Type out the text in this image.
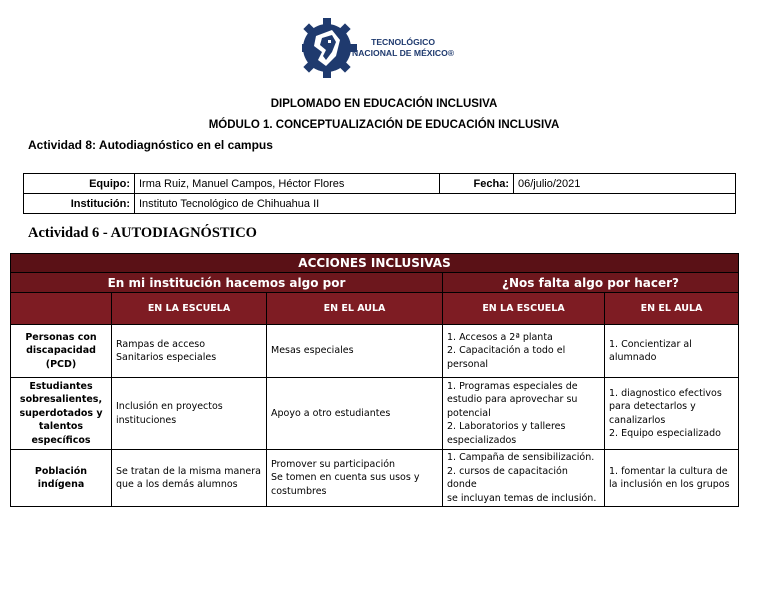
TECNOLÓGICO
NACIONAL DE MÉXICO®
DIPLOMADO EN EDUCACIÓN INCLUSIVA
MÓDULO 1. CONCEPTUALIZACIÓN DE EDUCACIÓN INCLUSIVA
Actividad 8: Autodiagnóstico en el campus
Equipo:	Irma Ruiz, Manuel Campos, Héctor Flores	Fecha:	06/julio/2021
Institución:	Instituto Tecnológico de Chihuahua II		
Actividad 6 - AUTODIAGNÓSTICO
ACCIONES INCLUSIVAS				
En mi institución hacemos algo por			¿Nos falta algo por hacer?	
	EN LA ESCUELA	EN EL AULA	EN LA ESCUELA	EN EL AULA

Personas con
discapacidad
(PCD)	Rampas de acceso
Sanitarios especiales	Mesas especiales	1. Accesos a 2ª planta
2. Capacitación a todo el
personal	1. Concientizar al
alumnado

Estudiantes
sobresalientes,
superdotados y
talentos
específicos	Inclusión en proyectos
instituciones	Apoyo a otro estudiantes	1. Programas especiales de
estudio para aprovechar su
potencial
2. Laboratorios y talleres
especializados	1. diagnostico efectivos
para detectarlos y
canalizarlos
2. Equipo especializado

Población
indígena	Se tratan de la misma manera
que a los demás alumnos	Promover su participación
Se tomen en cuenta sus usos y
costumbres	1. Campaña de sensibilización.
2. cursos de capacitación donde
se incluyan temas de inclusión.	1. fomentar la cultura de
la inclusión en los grupos
